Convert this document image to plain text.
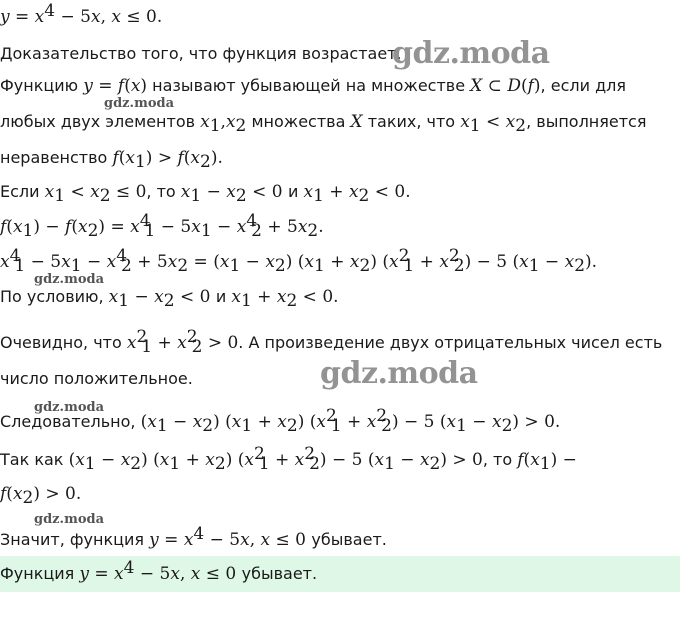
$y = x^4 - 5x$, x ≤ 0.
Доказательство того, что функция возрастает.
gdz.moda
Функцию y = f(x) называют убывающей на множестве X ⊂ D(f), если для
gdz.moda
любых двух элементов $x_1,x_2$ множества X таких, что $x_1 < x_2$, выполняется
неравенство $f(x_1) > f(x_2)$.
Если $x_1 < x_2 \le 0$, то $x_1 - x_2 < 0$ и $x_1 + x_2 < 0$.
$f(x_1) - f(x_2) = x^4_1 - 5x_1 - x^4_2 + 5x_2$.
$x^4_1 - 5x_1 - x^4_2 + 5x_2 = (x_1 - x_2) (x_1 + x_2) (x^2_1 + x^2_2) - 5$ $(x_1 - x_2)$.
gdz.moda
По условию, $x_1 - x_2 < 0$ и $x_1 + x_2 < 0$.
Очевидно, что $x^2_1 + x^2_2 > 0$. А произведение двух отрицательных чисел есть
число положительное.	gdz.moda
gdz.moda
Следовательно, $(x_1 - x_2) (x_1 + x_2) (x^2_1 + x^2_2) - 5$ $(x_1 - x_2) > 0$.
Так как $(x_1 - x_2) (x_1 + x_2) (x^2_1 + x^2_2) - 5$ $(x_1 - x_2) > 0$, то $f(x_1)$ −
$f(x_2) > 0$.
gdz.moda
Значит, функция $y = x^4 - 5x$, x ≤ 0 убывает.
Функция $y = x^4 - 5x$, x ≤ 0 убывает.
